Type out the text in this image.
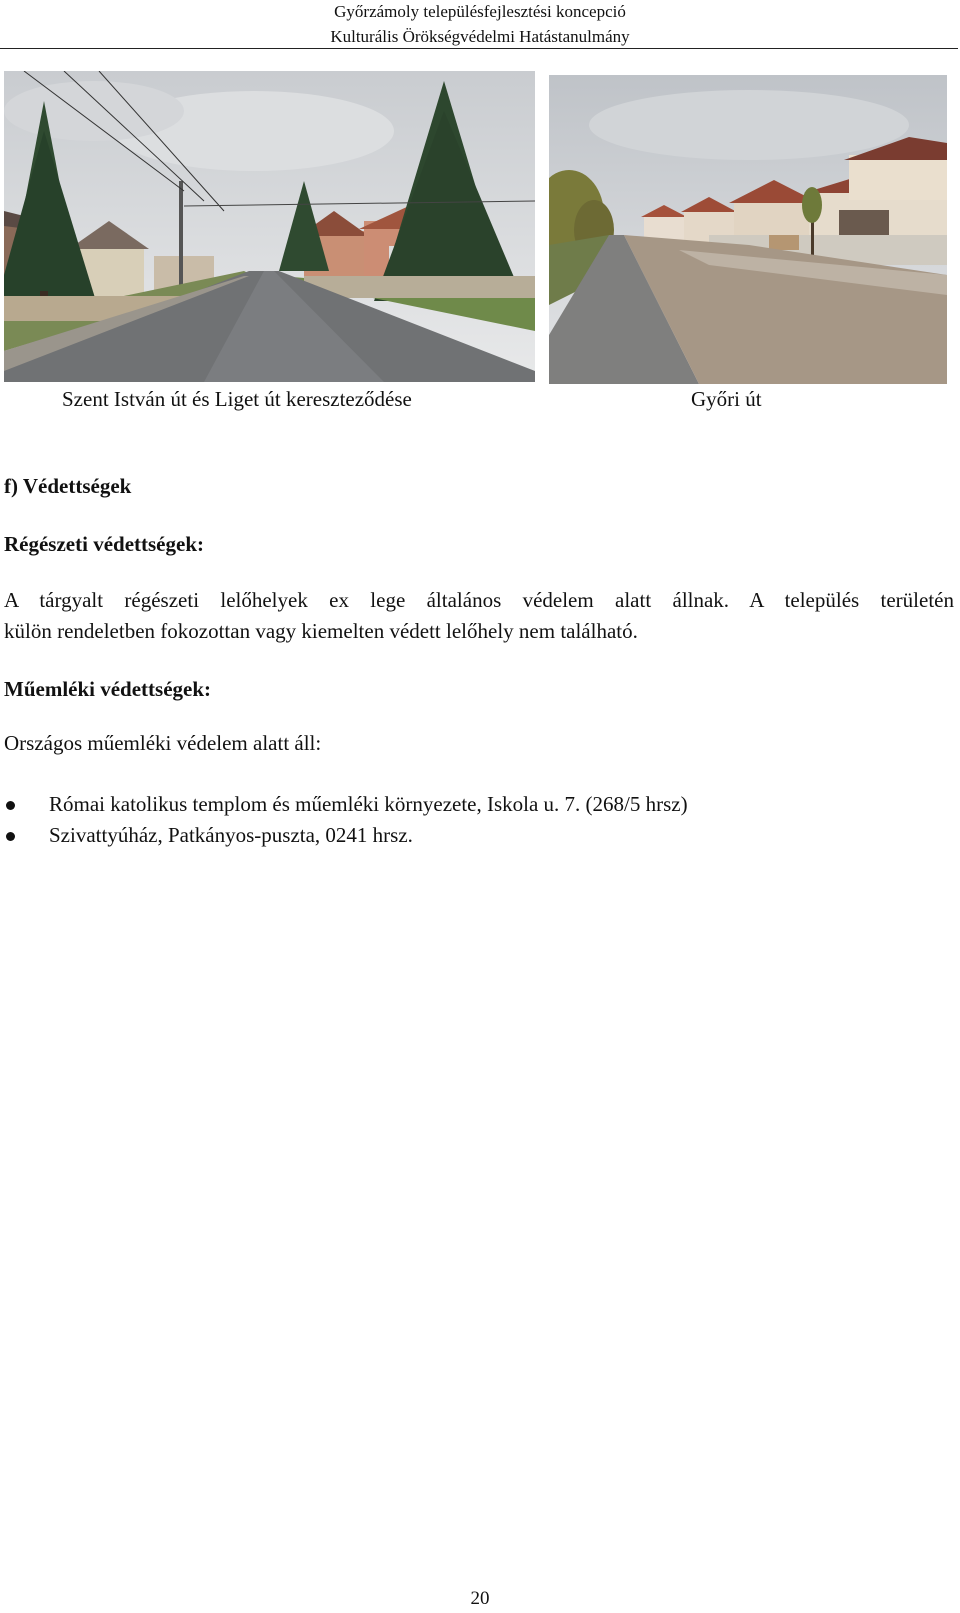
Győrzámoly településfejlesztési koncepció
Kulturális Örökségvédelmi Hatástanulmány
Szent István út és Liget út kereszteződése	Győri út
f) Védettségek
Régészeti védettségek:
A tárgyalt régészeti lelőhelyek ex lege általános védelem alatt állnak. A település területén
külön rendeletben fokozottan vagy kiemelten védett lelőhely nem található.
Műemléki védettségek:
Országos műemléki védelem alatt áll:
Római katolikus templom és műemléki környezete, Iskola u. 7. (268/5 hrsz)
Szivattyúház, Patkányos-puszta, 0241 hrsz.
20
